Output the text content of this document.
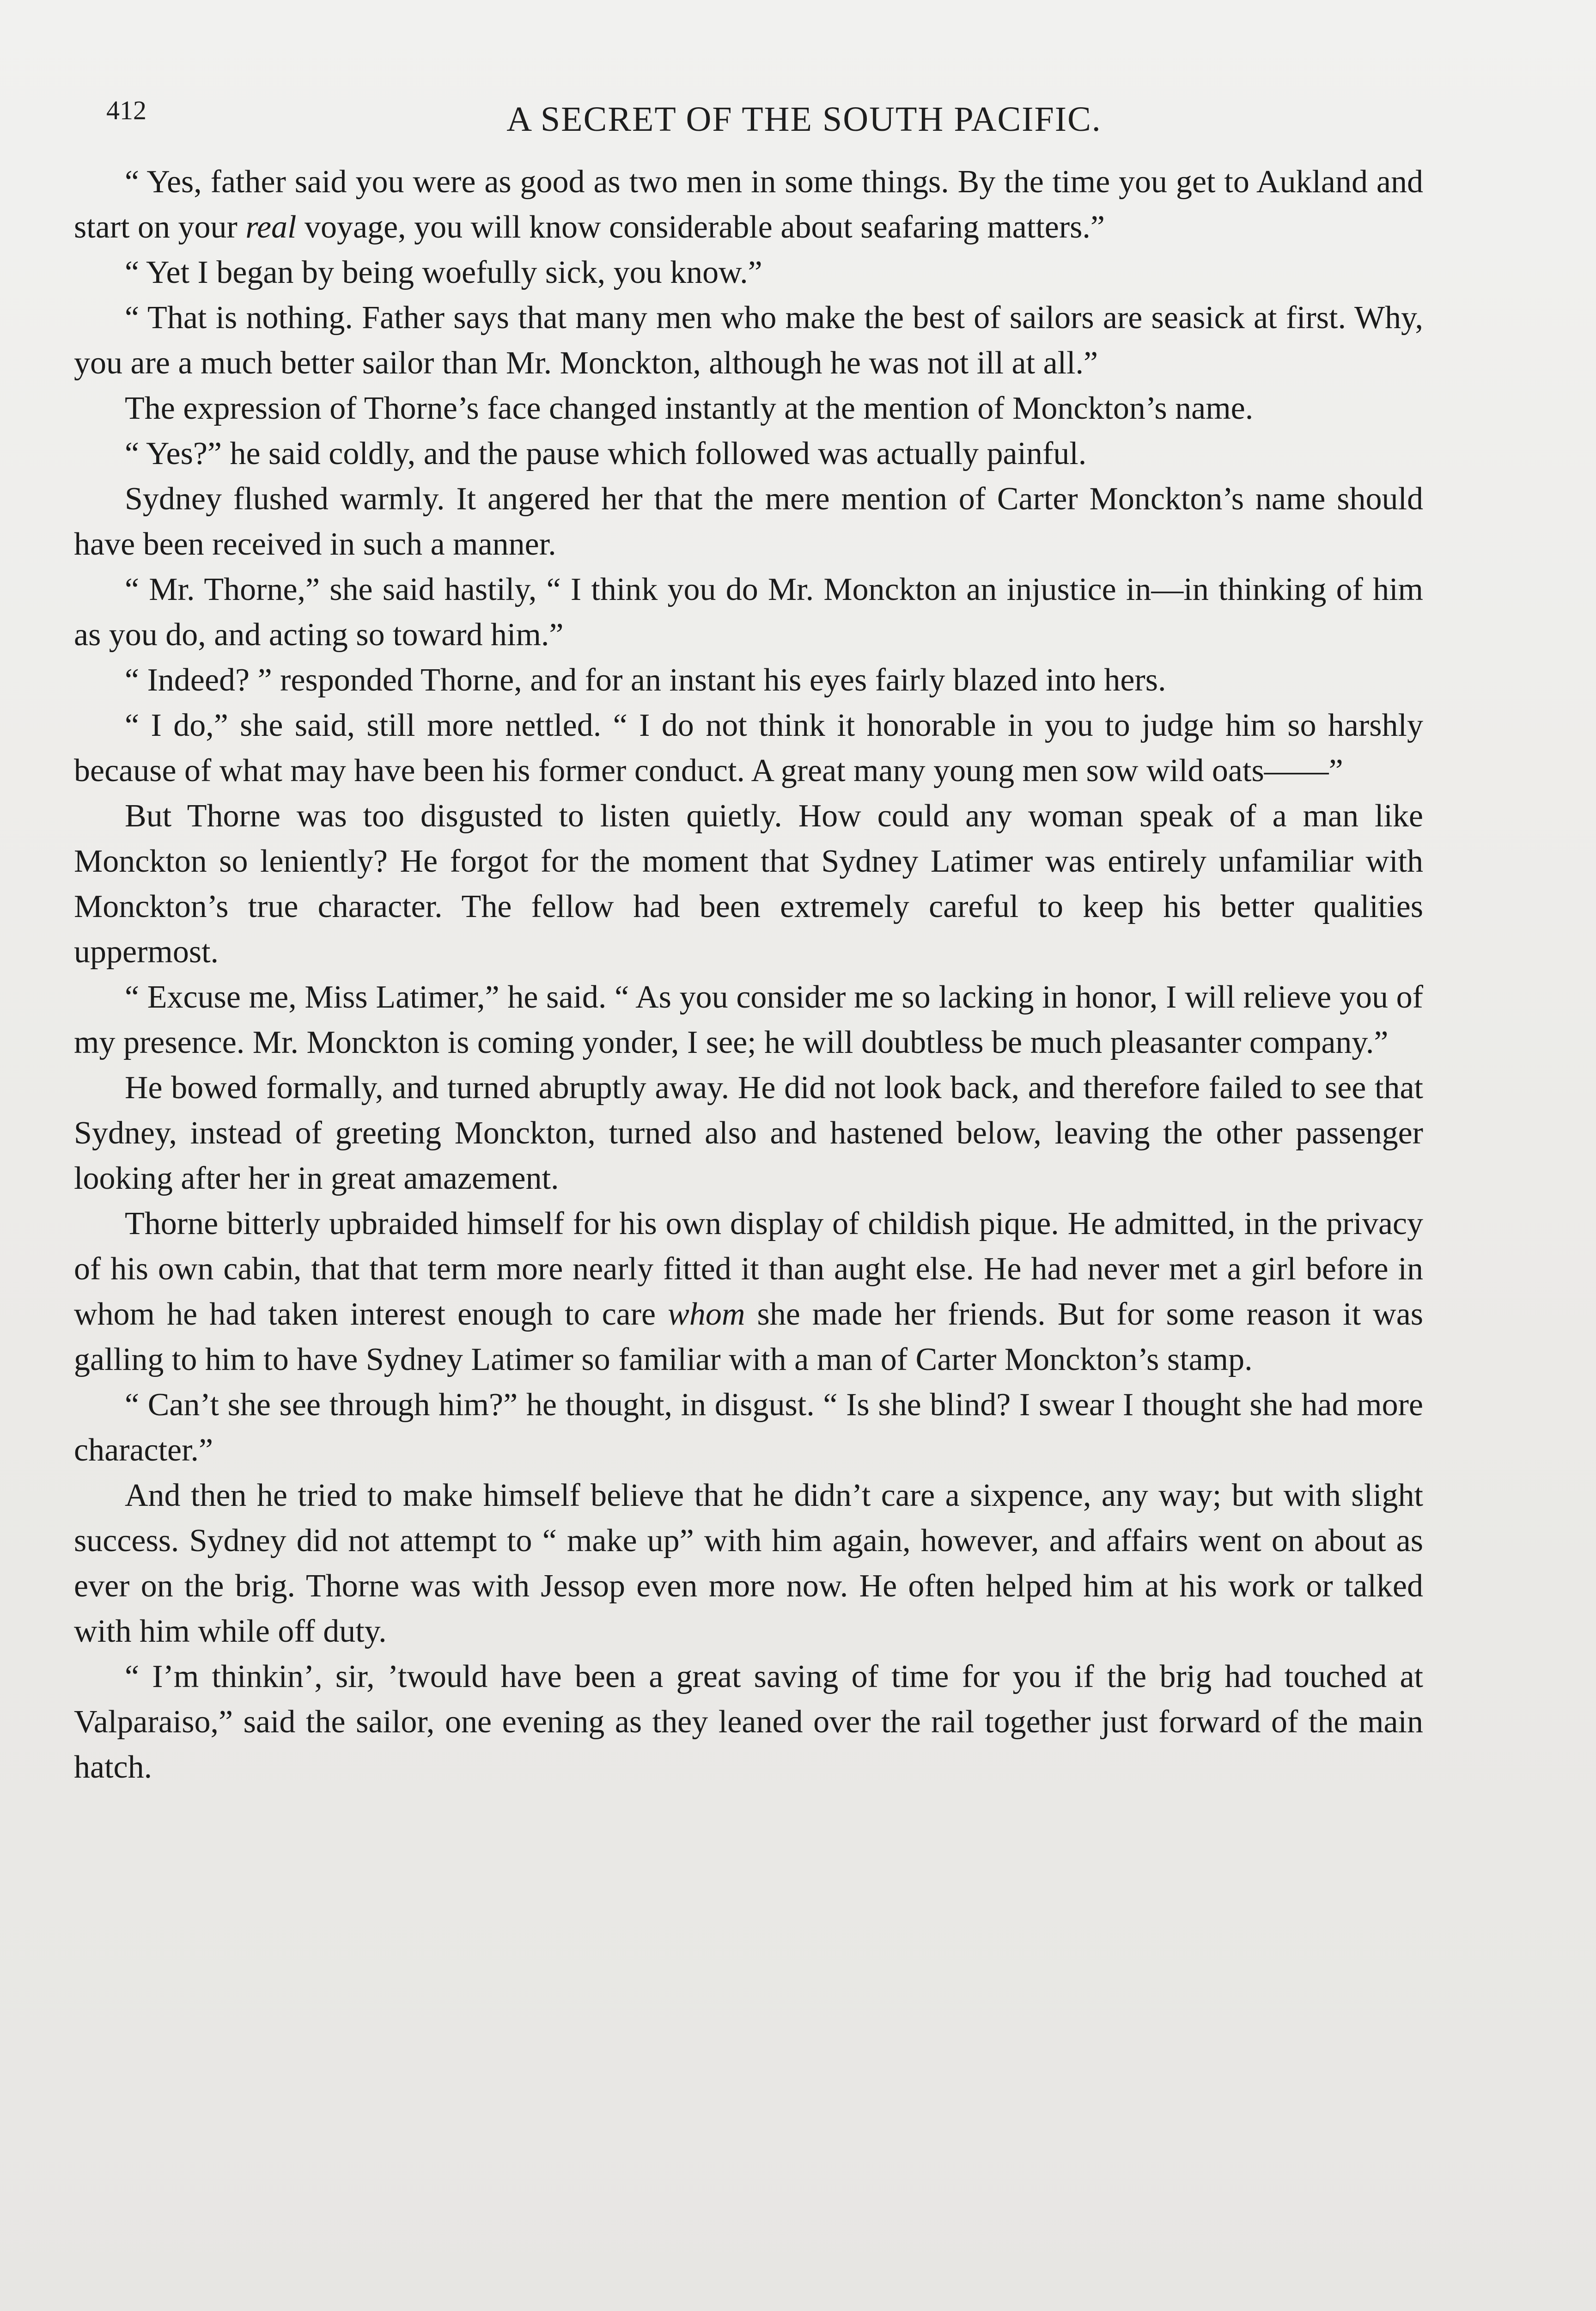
412	A SECRET OF THE SOUTH PACIFIC.

“ Yes, father said you were as good as two men in some things. By the time you get to Aukland and start on your real voyage, you will know considerable about seafaring matters.”

“ Yet I began by being woefully sick, you know.”

“ That is nothing. Father says that many men who make the best of sailors are seasick at first. Why, you are a much better sailor than Mr. Monckton, although he was not ill at all.”

The expression of Thorne’s face changed instantly at the mention of Monckton’s name.

“ Yes?” he said coldly, and the pause which followed was actually painful.

Sydney flushed warmly. It angered her that the mere mention of Carter Monckton’s name should have been received in such a manner.

“ Mr. Thorne,” she said hastily, “ I think you do Mr. Monckton an injustice in—in thinking of him as you do, and acting so toward him.”

“ Indeed? ” responded Thorne, and for an instant his eyes fairly blazed into hers.

“ I do,” she said, still more nettled. “ I do not think it honorable in you to judge him so harshly because of what may have been his former conduct. A great many young men sow wild oats——”

But Thorne was too disgusted to listen quietly. How could any woman speak of a man like Monckton so leniently? He forgot for the moment that Sydney Latimer was entirely unfamiliar with Monckton’s true character. The fellow had been extremely careful to keep his better qualities uppermost.

“ Excuse me, Miss Latimer,” he said. “ As you consider me so lacking in honor, I will relieve you of my presence. Mr. Monckton is coming yonder, I see; he will doubtless be much pleasanter company.”

He bowed formally, and turned abruptly away. He did not look back, and therefore failed to see that Sydney, instead of greeting Monckton, turned also and hastened below, leaving the other passenger looking after her in great amazement.

Thorne bitterly upbraided himself for his own display of childish pique. He admitted, in the privacy of his own cabin, that that term more nearly fitted it than aught else. He had never met a girl before in whom he had taken interest enough to care whom she made her friends. But for some reason it was galling to him to have Sydney Latimer so familiar with a man of Carter Monckton’s stamp.

“ Can’t she see through him?” he thought, in disgust. “ Is she blind? I swear I thought she had more character.”

And then he tried to make himself believe that he didn’t care a sixpence, any way; but with slight success. Sydney did not attempt to “ make up” with him again, however, and affairs went on about as ever on the brig. Thorne was with Jessop even more now. He often helped him at his work or talked with him while off duty.

“ I’m thinkin’, sir, ’twould have been a great saving of time for you if the brig had touched at Valparaiso,” said the sailor, one evening as they leaned over the rail together just forward of the main hatch.
